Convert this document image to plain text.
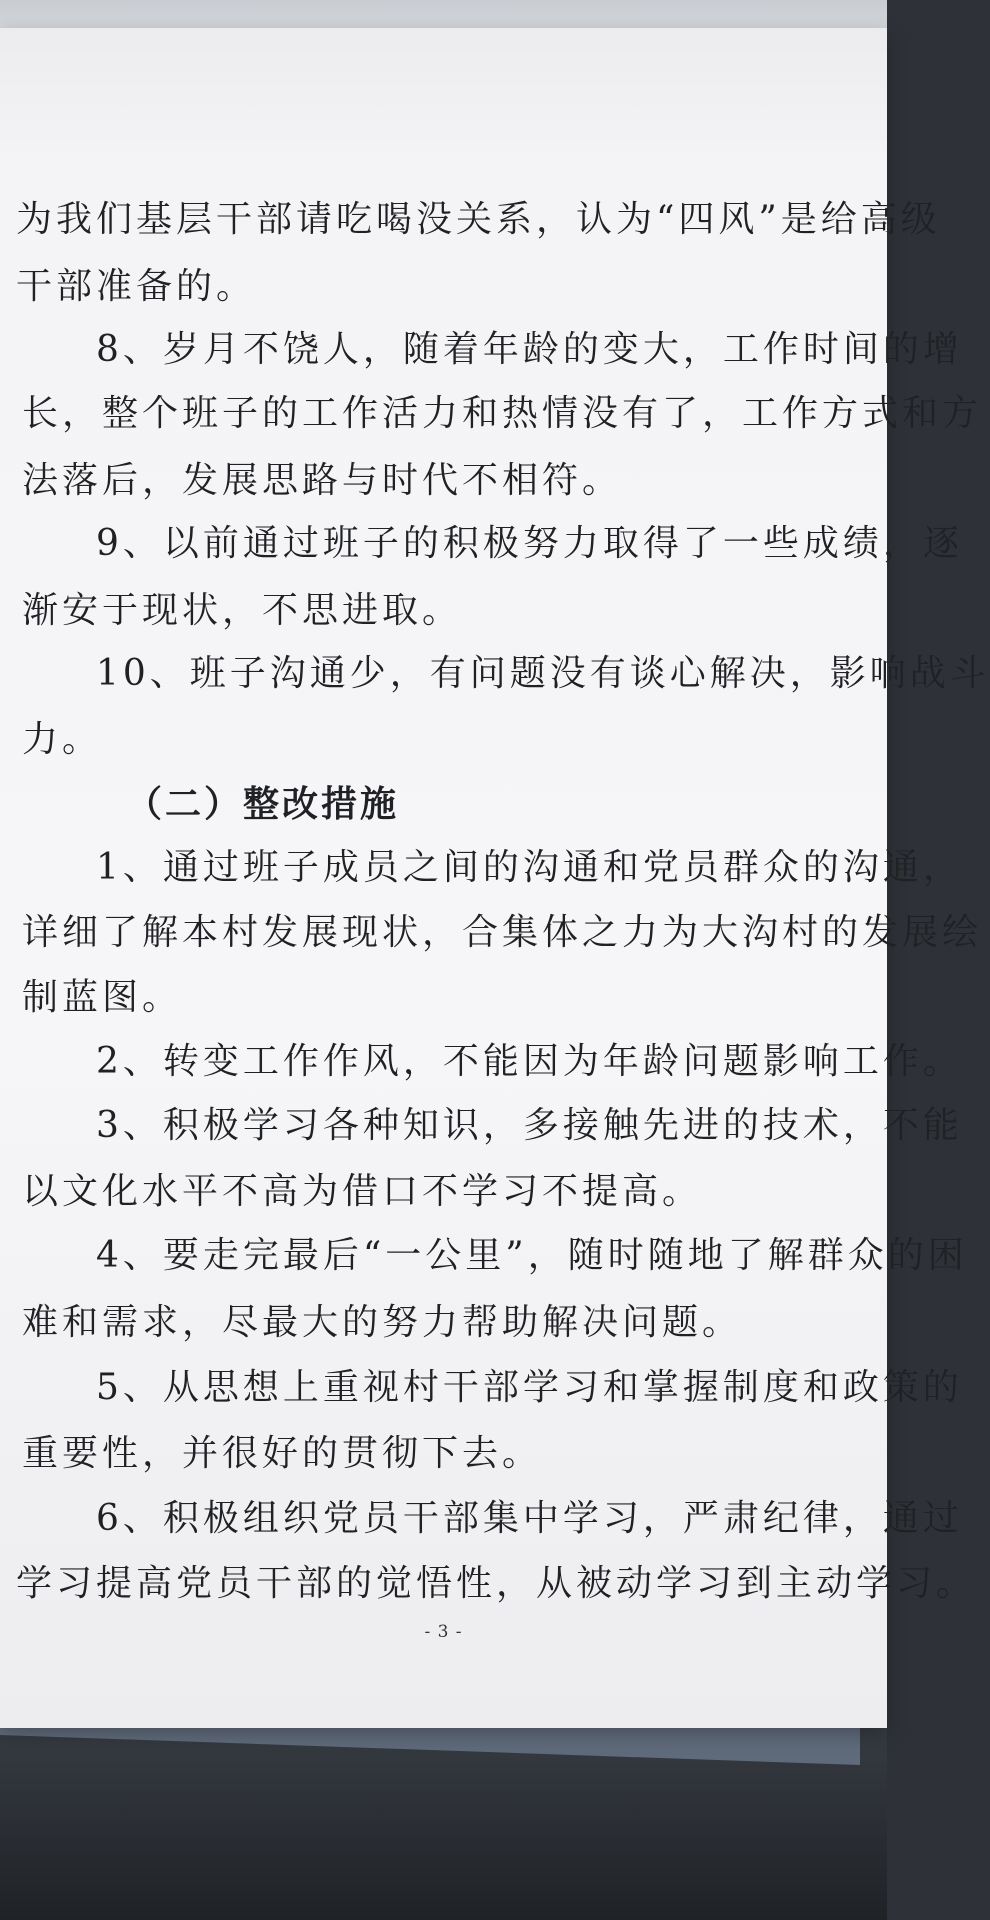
为我们基层干部请吃喝没关系，认为“四风”是给高级
干部准备的。
8、岁月不饶人，随着年龄的变大，工作时间的增
长，整个班子的工作活力和热情没有了，工作方式和方
法落后，发展思路与时代不相符。
9、以前通过班子的积极努力取得了一些成绩，逐
渐安于现状，不思进取。
10、班子沟通少，有问题没有谈心解决，影响战斗
力。
（二）整改措施
1、通过班子成员之间的沟通和党员群众的沟通，
详细了解本村发展现状，合集体之力为大沟村的发展绘
制蓝图。
2、转变工作作风，不能因为年龄问题影响工作。
3、积极学习各种知识，多接触先进的技术，不能
以文化水平不高为借口不学习不提高。
4、要走完最后“一公里”，随时随地了解群众的困
难和需求，尽最大的努力帮助解决问题。
5、从思想上重视村干部学习和掌握制度和政策的
重要性，并很好的贯彻下去。
6、积极组织党员干部集中学习，严肃纪律，通过
学习提高党员干部的觉悟性，从被动学习到主动学习。
- 3 -
